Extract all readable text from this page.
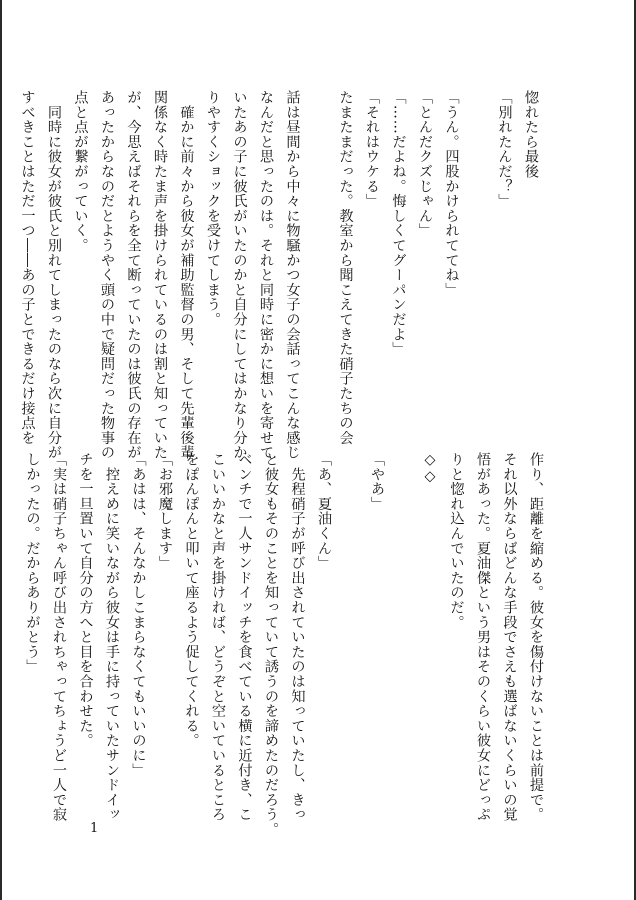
惚れたら最後

「別れたんだ？」

「うん。四股かけられててね」

「とんだクズじゃん」

「……だよね。悔しくてグーパンだよ」

「それはウケる」

たまたまだった。教室から聞こえてきた硝子たちの会

話は昼間から中々に物騒かつ女子の会話ってこんな感じ

なんだと思ったのは。それと同時に密かに想いを寄せて

いたあの子に彼氏がいたのかと自分にしてはかなり分か

りやすくショックを受けてしまう。

　確かに前々から彼女が補助監督の男、そして先輩後輩

関係なく時たま声を掛けられているのは割と知っていた

が、今思えばそれらを全て断っていたのは彼氏の存在が

あったからなのだとようやく頭の中で疑問だった物事の

点と点が繋がっていく。

　同時に彼女が彼氏と別れてしまったのなら次に自分が

すべきことはただ一つ――あの子とできるだけ接点を

作り、距離を縮める。彼女を傷付けないことは前提で。

それ以外ならばどんな手段でさえも選ばないくらいの覚

悟があった。夏油傑という男はそのくらい彼女にどっぷ

りと惚れ込んでいたのだ。

◇◇

「やあ」

「あ、夏油くん」

　先程硝子が呼び出されていたのは知っていたし、きっ

と彼女もそのことを知っていて誘うのを諦めたのだろう。

ベンチで一人サンドイッチを食べている横に近付き、こ

こいいかなと声を掛ければ、どうぞと空いているところ

をぽんぽんと叩いて座るよう促してくれる。

「お邪魔します」

「あはは、そんなかしこまらなくてもいいのに」

　控えめに笑いながら彼女は手に持っていたサンドイッ

チを一旦置いて自分の方へと目を合わせた。

「実は硝子ちゃん呼び出されちゃってちょうど一人で寂

しかったの。だからありがとう」

1
